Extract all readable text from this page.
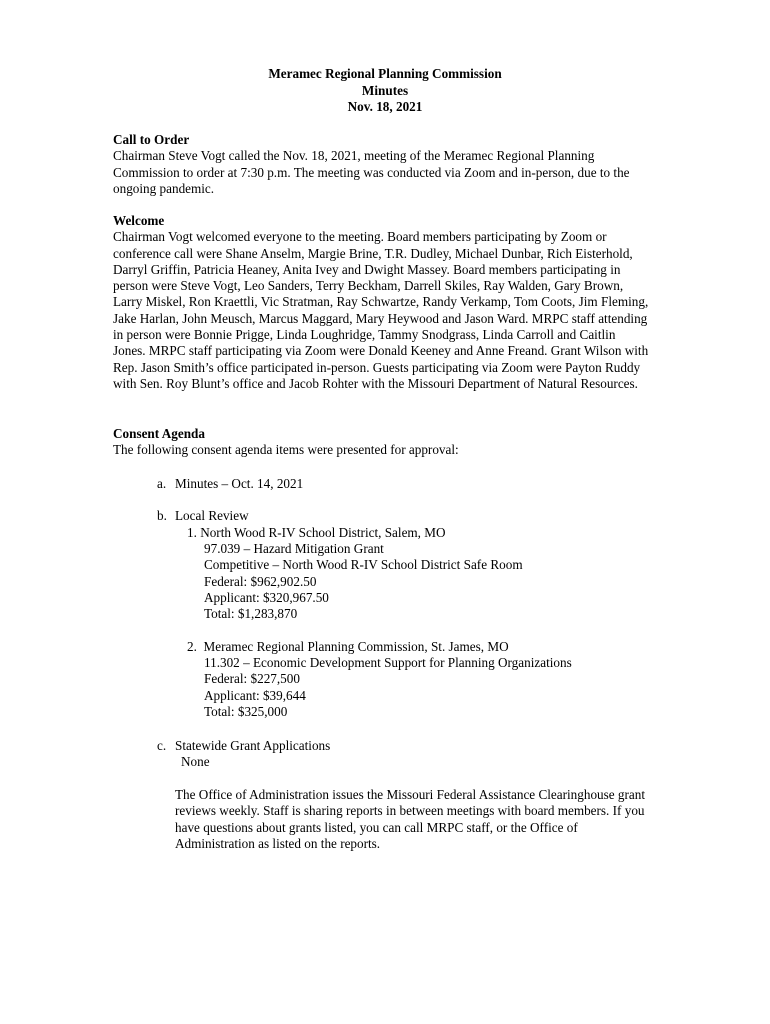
Meramec Regional Planning Commission
Minutes
Nov. 18, 2021
Call to Order

Chairman Steve Vogt called the Nov. 18, 2021, meeting of the Meramec Regional Planning Commission to order at 7:30 p.m. The meeting was conducted via Zoom and in-person, due to the ongoing pandemic.

Welcome

Chairman Vogt welcomed everyone to the meeting. Board members participating by Zoom or conference call were Shane Anselm, Margie Brine, T.R. Dudley, Michael Dunbar, Rich Eisterhold, Darryl Griffin, Patricia Heaney, Anita Ivey and Dwight Massey. Board members participating in person were Steve Vogt, Leo Sanders, Terry Beckham, Darrell Skiles, Ray Walden, Gary Brown, Larry Miskel, Ron Kraettli, Vic Stratman, Ray Schwartze, Randy Verkamp, Tom Coots, Jim Fleming, Jake Harlan, John Meusch, Marcus Maggard, Mary Heywood and Jason Ward. MRPC staff attending in person were Bonnie Prigge, Linda Loughridge, Tammy Snodgrass, Linda Carroll and Caitlin Jones. MRPC staff participating via Zoom were Donald Keeney and Anne Freand. Grant Wilson with Rep. Jason Smith’s office participated in-person. Guests participating via Zoom were Payton Ruddy with Sen. Roy Blunt’s office and Jacob Rohter with the Missouri Department of Natural Resources.

Consent Agenda

The following consent agenda items were presented for approval:

a. Minutes – Oct. 14, 2021
b. Local Review
1. North Wood R-IV School District, Salem, MO
97.039 – Hazard Mitigation Grant
Competitive – North Wood R-IV School District Safe Room
Federal: $962,902.50
Applicant: $320,967.50
Total: $1,283,870
2. Meramec Regional Planning Commission, St. James, MO
11.302 – Economic Development Support for Planning Organizations
Federal: $227,500
Applicant: $39,644
Total: $325,000
c. Statewide Grant Applications
None
The Office of Administration issues the Missouri Federal Assistance Clearinghouse grant reviews weekly. Staff is sharing reports in between meetings with board members. If you have questions about grants listed, you can call MRPC staff, or the Office of Administration as listed on the reports.
